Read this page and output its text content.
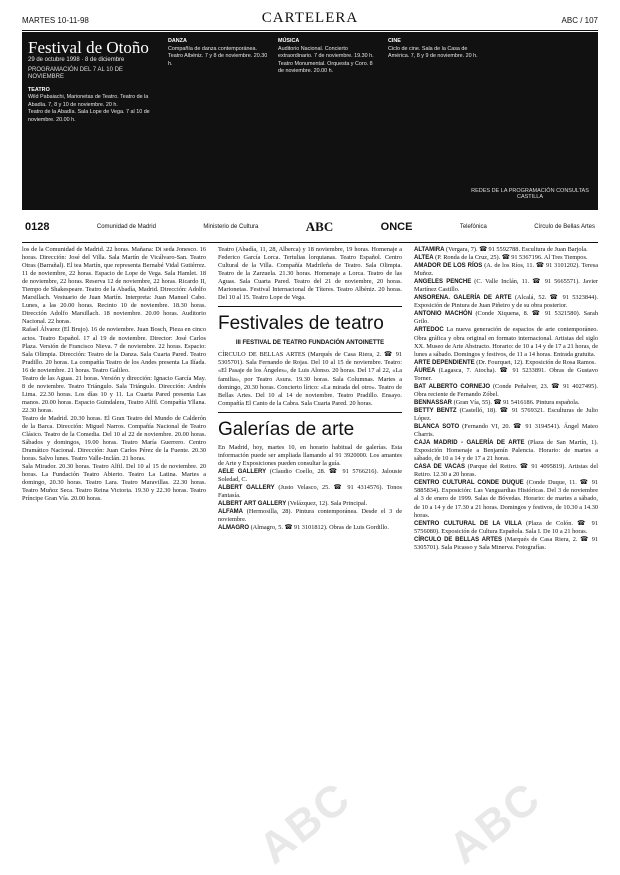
MARTES 10-11-98	CARTELERA	ABC / 107
Festival de Otoño
29 de octubre 1998 · 8 de diciembre
PROGRAMACIÓN DEL 7 AL 10 DE NOVIEMBRE
TEATRO
Wild Pabaiachi, Marionetas de Teatro. Teatro de la Abadía. 7, 8 y 10 de noviembre. 20 h.
Teatro de la Abadía. Sala Lope de Vega. 7 al 10 de noviembre. 20.00 h.
DANZA
Compañía de danza contemporánea. Teatro Albéniz. 7 y 8 de noviembre. 20.30 h.
MÚSICA
Auditorio Nacional. Concierto extraordinario. 7 de noviembre. 19.30 h.
Teatro Monumental. Orquesta y Coro. 8 de noviembre. 20.00 h.
CINE
Ciclo de cine. Sala de la Casa de América. 7, 8 y 9 de noviembre. 20 h.
REDES DE LA PROGRAMACIÓN CONSULTAS CASTILLA
0128	Comunidad de Madrid	Ministerio de Cultura	ABC	ONCE	Telefónica	Círculo de Bellas Artes

los de la Comunidad de Madrid. 22 horas. Mañana: Di seda Jonesco. 16 horas. Dirección: José del Villa. Sala Martín de Vicálvaro-San. Teatro Otras (Barrañal). El tea Martín, que representa Bernabé Vidal Gutiérrez. 11 de noviembre, 22 horas. Espacio de Lope de Vega. Sala Hamlet. 18 de noviembre, 22 horas. Reserva 12 de noviembre, 22 horas. Ricardo II, Tiempo de Shakespeare. Teatro de la Abadía, Madrid. Dirección: Adolfo Marsillach. Vestuario de Juan Martín. Interpreta: Juan Manuel Cabo. Lunes, a las 20.00 horas. Recinto 10 de noviembre. 18.30 horas. Dirección Adolfo Marsillach. 18 noviembre. 20.00 horas. Auditorio Nacional. 22 horas.

Rafael Álvarez (El Brujo). 16 de noviembre. Juan Bosch, Pieza en cinco actos. Teatro Español. 17 al 19 de noviembre. Director: José Carlos Plaza. Versión de Francisco Nieva. 7 de noviembre. 22 horas. Espacio: Sala Olimpia. Dirección: Teatro de la Danza. Sala Cuarta Pared. Teatro Pradillo. 20 horas. La compañía Teatro de los Andes presenta La Ilíada. 16 de noviembre. 21 horas. Teatro Galileo.

Teatro de las Aguas. 21 horas. Versión y dirección: Ignacio García May. 8 de noviembre. Teatro Triángulo. Sala Triángulo. Dirección: Andrés Lima. 22.30 horas. Los días 10 y 11. La Cuarta Pared presenta Las manos. 20.00 horas. Espacio Guindalera, Teatro Alfil. Compañía Yllana. 22.30 horas.

Teatro de Madrid. 20.30 horas. El Gran Teatro del Mundo de Calderón de la Barca. Dirección: Miguel Narros. Compañía Nacional de Teatro Clásico. Teatro de la Comedia. Del 10 al 22 de noviembre. 20.00 horas. Sábados y domingos, 19.00 horas. Teatro María Guerrero. Centro Dramático Nacional. Dirección: Juan Carlos Pérez de la Fuente. 20.30 horas. Salvo lunes. Teatro Valle-Inclán. 21 horas.

Sala Mirador. 20.30 horas. Teatro Alfil. Del 10 al 15 de noviembre. 20 horas. La Fundación Teatro Abierto. Teatro La Latina. Martes a domingo, 20.30 horas. Teatro Lara. Teatro Maravillas. 22.30 horas. Teatro Muñoz Seca. Teatro Reina Victoria. 19.30 y 22.30 horas. Teatro Príncipe Gran Vía. 20.00 horas.

Teatro (Abadía, 11, 28, Alberca) y 18 noviembre, 19 horas. Homenaje a Federico García Lorca. Tertulias lorquianas. Teatro Español. Centro Cultural de la Villa. Compañía Madrileña de Teatro. Sala Olimpia. Teatro de la Zarzuela. 21.30 horas. Homenaje a Lorca. Teatro de las Aguas. Sala Cuarta Pared. Teatro del 21 de noviembre, 20 horas. Marionetas. Festival Internacional de Títeres. Teatro Albéniz. 20 horas. Del 10 al 15. Teatro Lope de Vega.

Festivales de teatro
III FESTIVAL DE TEATRO FUNDACIÓN ANTOINETTE

CÍRCULO DE BELLAS ARTES (Marqués de Casa Riera, 2. ☎ 91 5305701). Sala Fernando de Rojas. Del 10 al 15 de noviembre. Teatro: «El Pasaje de los Ángeles», de Luis Alonso. 20 horas. Del 17 al 22, «La familia», por Teatro Asura. 19.30 horas. Sala Columnas. Martes a domingo, 20.30 horas. Concierto lírico: «La mirada del otro». Teatro de Bellas Artes. Del 10 al 14 de noviembre. Teatro Pradillo. Ensayo. Compañía El Canto de la Cabra. Sala Cuarta Pared. 20 horas.

Galerías de arte

En Madrid, hoy, martes 10, en horario habitual de galerías. Esta información puede ser ampliada llamando al 91 3920000. Los amantes de Arte y Exposiciones pueden consultar la guía.

AELE GALLERY (Claudio Coello, 28. ☎ 91 5766216). Jalousie Soledad, C.

ALBERT GALLERY (Justo Velasco, 25. ☎ 91 4314576). Tonos Fantasía.

ALBERT ART GALLERY (Velázquez, 12). Sala Principal.

ALFAMA (Hermosilla, 28). Pintura contemporánea. Desde el 3 de noviembre.

ALMAGRO (Almagro, 5. ☎ 91 3101812). Obras de Luis Gordillo.

ALTAMIRA (Vergara, 7). ☎ 91 5592788. Escultura de Juan Barjola.

ALTEA (P. Ronda de la Cruz, 25). ☎ 91 5367196. Al Tres Tiempos.

AMADOR DE LOS RÍOS (A. de los Ríos, 11. ☎ 91 3101202). Teresa Muñoz.

ANGELES PENCHE (C. Valle Inclán, 11. ☎ 91 5665571). Javier Martínez Castillo.

ANSORENA. GALERÍA DE ARTE (Alcalá, 52. ☎ 91 5323844). Exposición de Pintura de Juan Piñeiro y de su obra posterior.

ANTONIO MACHÓN (Conde Xiquena, 8. ☎ 91 5321580). Sarah Grilo.

ARTEDOC La nueva generación de espacios de arte contemporáneo. Obra gráfica y obra original en formato internacional. Artistas del siglo XX. Museo de Arte Abstracto. Horario: de 10 a 14 y de 17 a 21 horas, de lunes a sábado. Domingos y festivos, de 11 a 14 horas. Entrada gratuita.

ARTE DEPENDIENTE (Dr. Fourquet, 12). Exposición de Rosa Ramos.

ÁUREA (Lagasca, 7. Atocha). ☎ 91 5233891. Obras de Gustavo Torner.

BAT ALBERTO CORNEJO (Conde Peñalver, 23. ☎ 91 4027495). Obra reciente de Fernando Zóbel.

BENNASSAR (Gran Vía, 55). ☎ 91 5416186. Pintura española.

BETTY BENTZ (Castelló, 18). ☎ 91 5769321. Esculturas de Julio López.

BLANCA SOTO (Fernando VI, 20. ☎ 91 3194541). Ángel Mateo Charris.

CAJA MADRID - GALERÍA DE ARTE (Plaza de San Martín, 1). Exposición Homenaje a Benjamín Palencia. Horario: de martes a sábado, de 10 a 14 y de 17 a 21 horas.

CASA DE VACAS (Parque del Retiro. ☎ 91 4095819). Artistas del Retiro. 12.30 a 20 horas.

CENTRO CULTURAL CONDE DUQUE (Conde Duque, 11. ☎ 91 5885834). Exposición: Las Vanguardias Históricas. Del 3 de noviembre al 3 de enero de 1999. Salas de Bóvedas. Horario: de martes a sábado, de 10 a 14 y de 17.30 a 21 horas. Domingos y festivos, de 10.30 a 14.30 horas.

CENTRO CULTURAL DE LA VILLA (Plaza de Colón. ☎ 91 5756080). Exposición de Cultura Española. Sala I. De 10 a 21 horas.

CÍRCULO DE BELLAS ARTES (Marqués de Casa Riera, 2. ☎ 91 5305701). Sala Picasso y Sala Minerva. Fotografías.

ABC ABC
